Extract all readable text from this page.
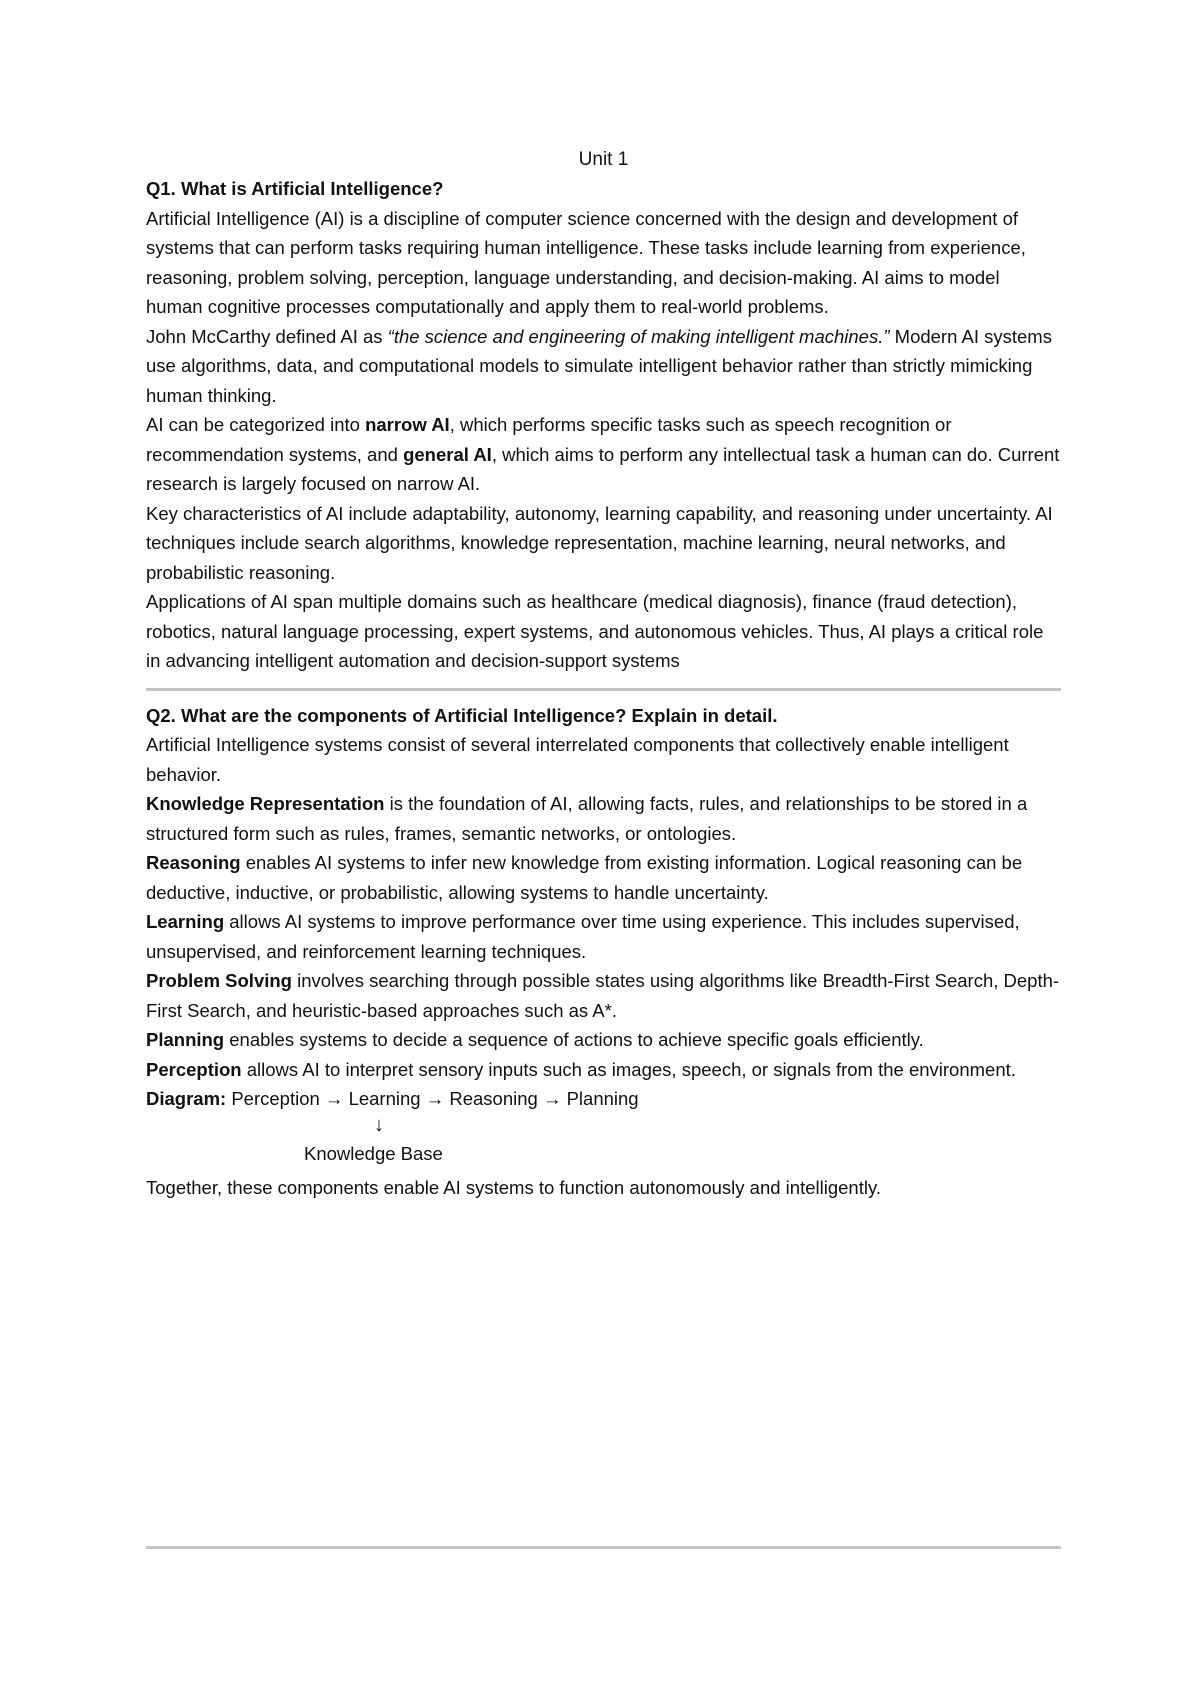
Unit 1
Q1. What is Artificial Intelligence?

Artificial Intelligence (AI) is a discipline of computer science concerned with the design and development of systems that can perform tasks requiring human intelligence. These tasks include learning from experience, reasoning, problem solving, perception, language understanding, and decision-making. AI aims to model human cognitive processes computationally and apply them to real-world problems.

John McCarthy defined AI as “the science and engineering of making intelligent machines.” Modern AI systems use algorithms, data, and computational models to simulate intelligent behavior rather than strictly mimicking human thinking.

AI can be categorized into narrow AI, which performs specific tasks such as speech recognition or recommendation systems, and general AI, which aims to perform any intellectual task a human can do. Current research is largely focused on narrow AI.

Key characteristics of AI include adaptability, autonomy, learning capability, and reasoning under uncertainty. AI techniques include search algorithms, knowledge representation, machine learning, neural networks, and probabilistic reasoning.

Applications of AI span multiple domains such as healthcare (medical diagnosis), finance (fraud detection), robotics, natural language processing, expert systems, and autonomous vehicles. Thus, AI plays a critical role in advancing intelligent automation and decision-support systems

Q2. What are the components of Artificial Intelligence? Explain in detail.

Artificial Intelligence systems consist of several interrelated components that collectively enable intelligent behavior.

Knowledge Representation is the foundation of AI, allowing facts, rules, and relationships to be stored in a structured form such as rules, frames, semantic networks, or ontologies.

Reasoning enables AI systems to infer new knowledge from existing information. Logical reasoning can be deductive, inductive, or probabilistic, allowing systems to handle uncertainty.

Learning allows AI systems to improve performance over time using experience. This includes supervised, unsupervised, and reinforcement learning techniques.

Problem Solving involves searching through possible states using algorithms like Breadth-First Search, Depth-First Search, and heuristic-based approaches such as A*.

Planning enables systems to decide a sequence of actions to achieve specific goals efficiently.

Perception allows AI to interpret sensory inputs such as images, speech, or signals from the environment.

Diagram: Perception → Learning → Reasoning → Planning

↓
Knowledge Base

Together, these components enable AI systems to function autonomously and intelligently.
